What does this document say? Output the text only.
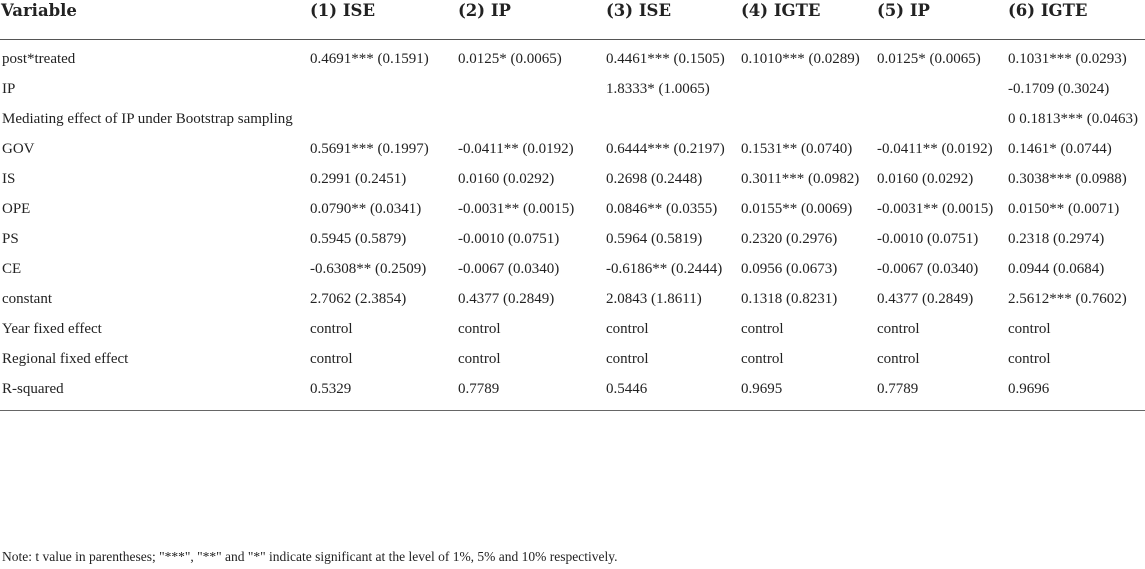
Variable	(1) ISE	(2) IP	(3) ISE	(4) IGTE	(5) IP	(6) IGTE
post*treated	0.4691*** (0.1591)	0.0125* (0.0065)	0.4461*** (0.1505)	0.1010*** (0.0289)	0.0125* (0.0065)	0.1031*** (0.0293)
IP			1.8333* (1.0065)			-0.1709 (0.3024)
Mediating effect of IP under Bootstrap sampling						0 0.1813*** (0.0463)
GOV	0.5691*** (0.1997)	-0.0411** (0.0192)	0.6444*** (0.2197)	0.1531** (0.0740)	-0.0411** (0.0192)	0.1461* (0.0744)
IS	0.2991 (0.2451)	0.0160 (0.0292)	0.2698 (0.2448)	0.3011*** (0.0982)	0.0160 (0.0292)	0.3038*** (0.0988)
OPE	0.0790** (0.0341)	-0.0031** (0.0015)	0.0846** (0.0355)	0.0155** (0.0069)	-0.0031** (0.0015)	0.0150** (0.0071)
PS	0.5945 (0.5879)	-0.0010 (0.0751)	0.5964 (0.5819)	0.2320 (0.2976)	-0.0010 (0.0751)	0.2318 (0.2974)
CE	-0.6308** (0.2509)	-0.0067 (0.0340)	-0.6186** (0.2444)	0.0956 (0.0673)	-0.0067 (0.0340)	0.0944 (0.0684)
constant	2.7062 (2.3854)	0.4377 (0.2849)	2.0843 (1.8611)	0.1318 (0.8231)	0.4377 (0.2849)	2.5612*** (0.7602)
Year fixed effect	control	control	control	control	control	control
Regional fixed effect	control	control	control	control	control	control
R-squared	0.5329	0.7789	0.5446	0.9695	0.7789	0.9696
Note: t value in parentheses; "***", "**" and "*" indicate significant at the level of 1%, 5% and 10% respectively.
